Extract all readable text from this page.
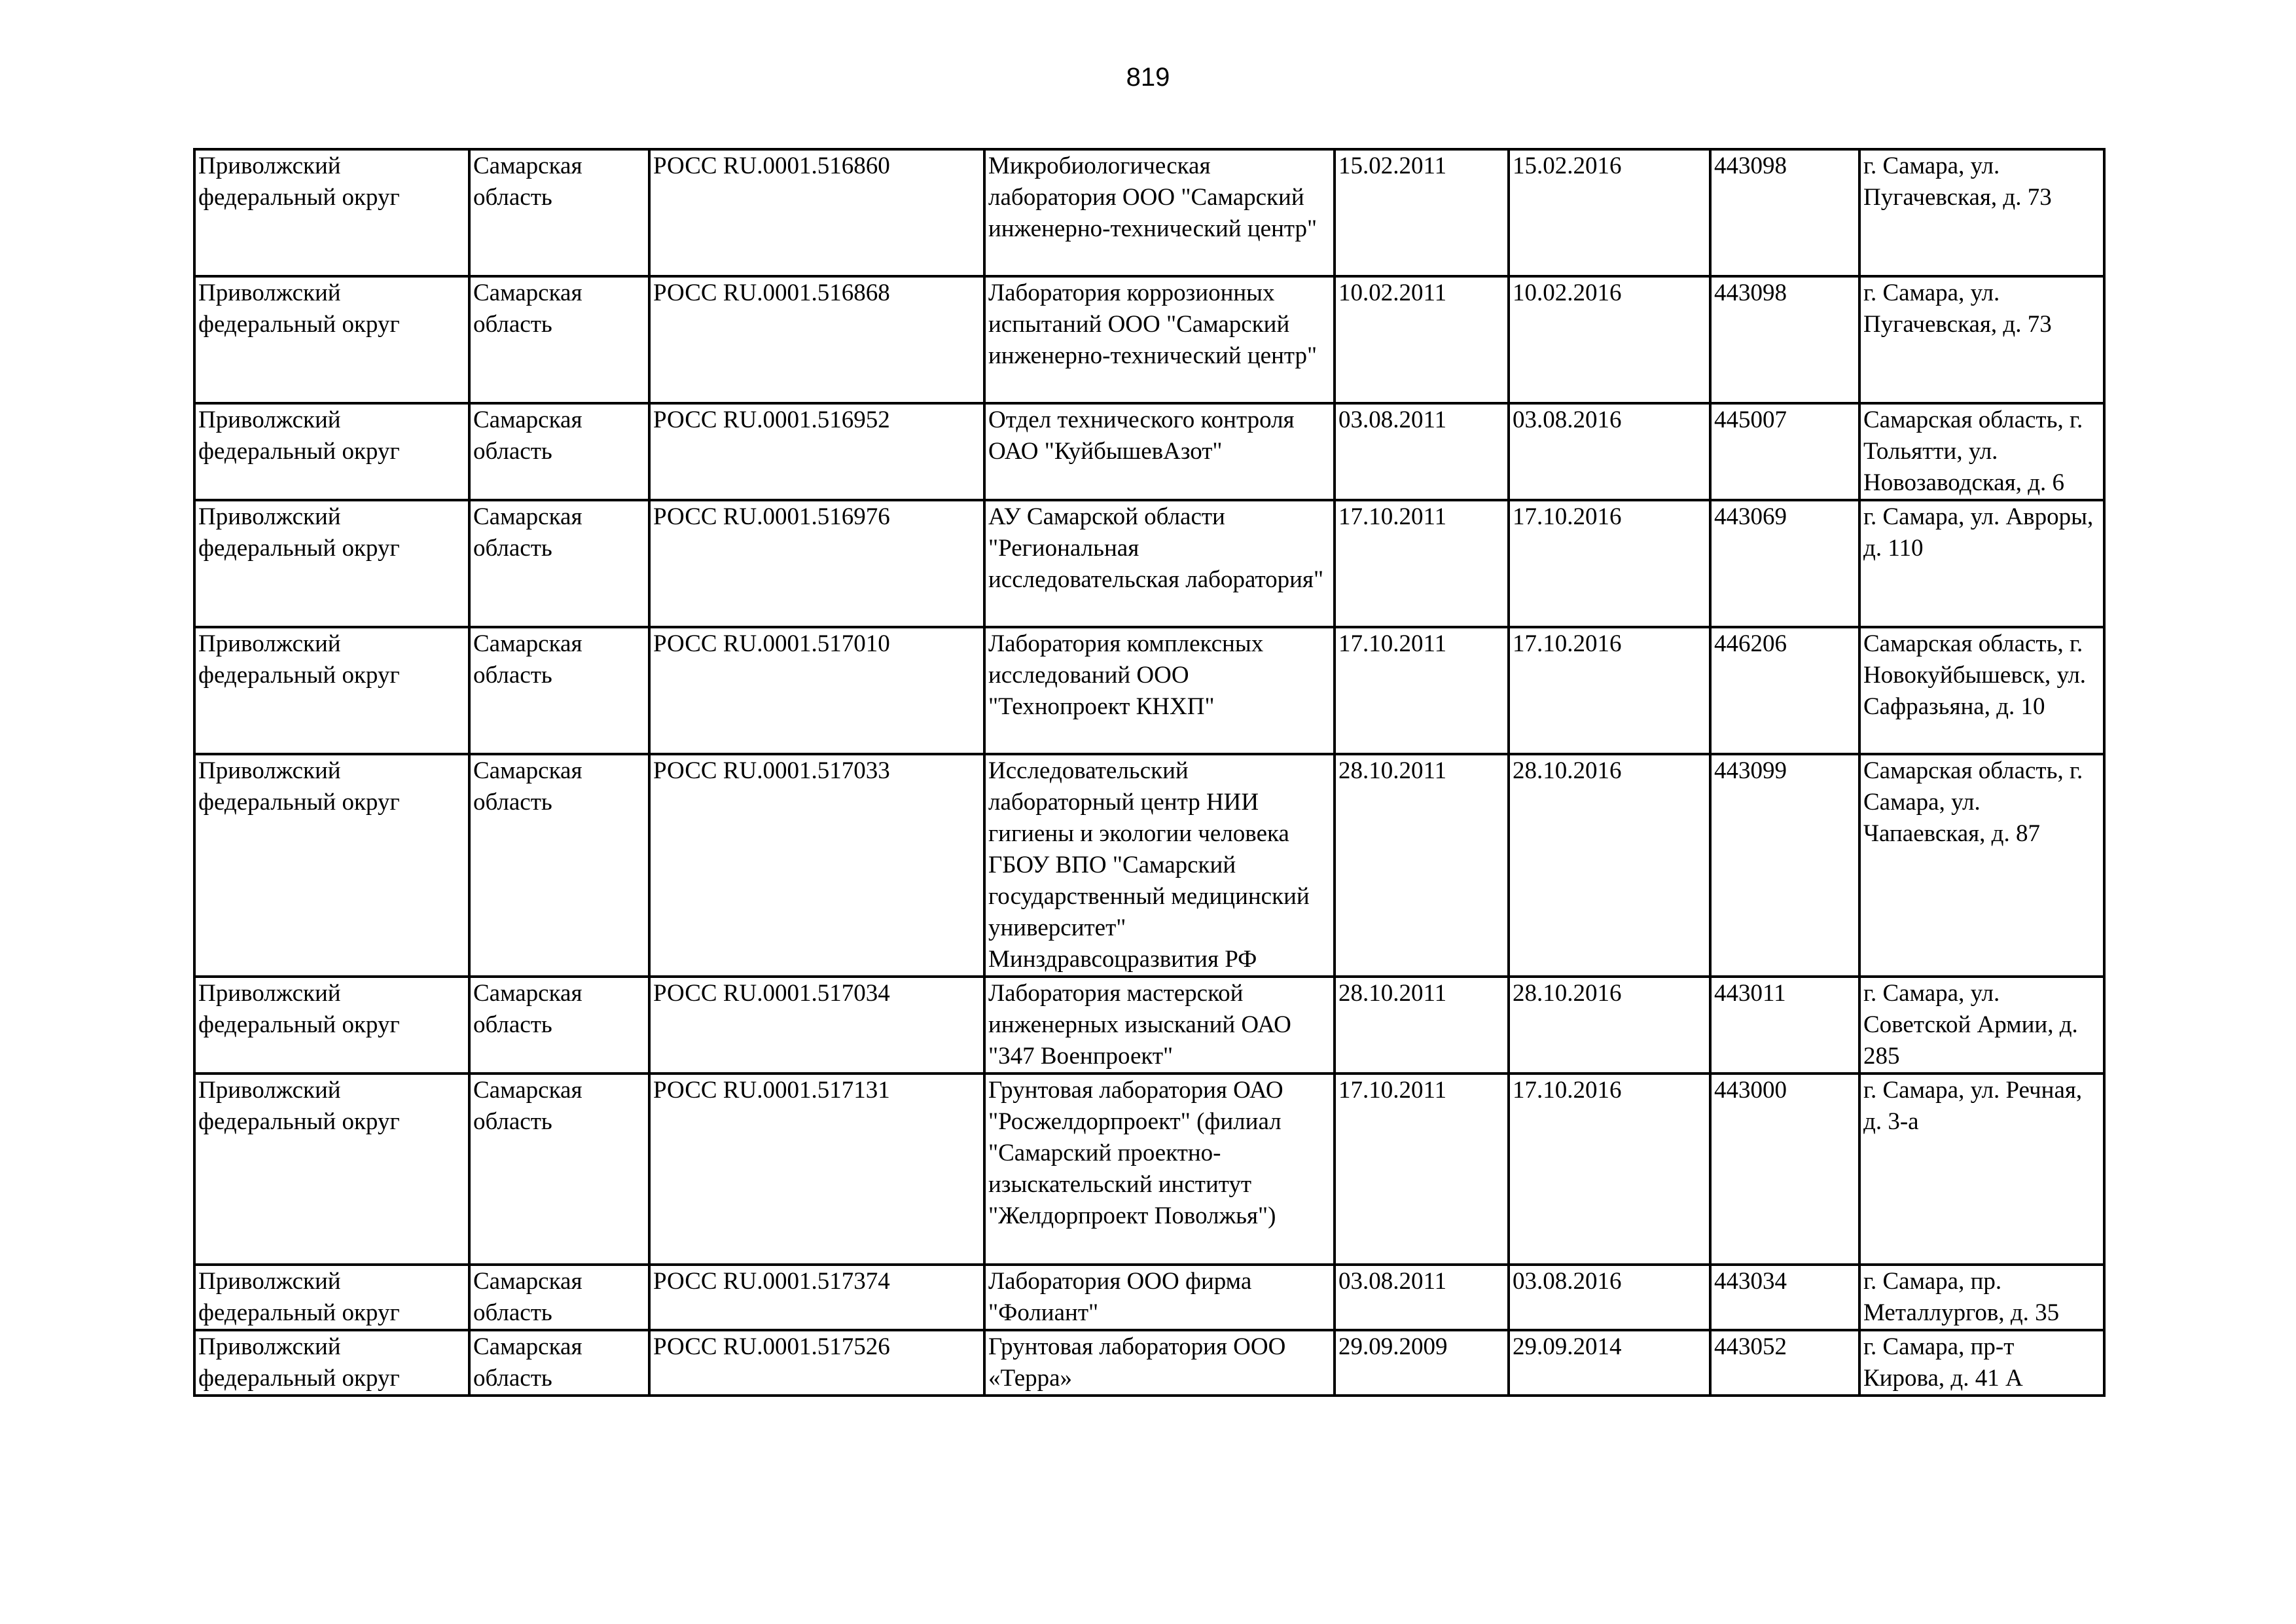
819
Приволжский федеральный округ	Самарская область	РОСС RU.0001.516860	Микробиологическая лаборатория ООО "Самарский инженерно-технический центр"	15.02.2011	15.02.2016	443098	г. Самара, ул. Пугачевская, д. 73
Приволжский федеральный округ	Самарская область	РОСС RU.0001.516868	Лаборатория коррозионных испытаний ООО "Самарский инженерно-технический центр"	10.02.2011	10.02.2016	443098	г. Самара, ул. Пугачевская, д. 73
Приволжский федеральный округ	Самарская область	РОСС RU.0001.516952	Отдел технического контроля ОАО "КуйбышевАзот"	03.08.2011	03.08.2016	445007	Самарская область, г. Тольятти, ул. Новозаводская, д. 6
Приволжский федеральный округ	Самарская область	РОСС RU.0001.516976	АУ Самарской области "Региональная исследовательская лаборатория"	17.10.2011	17.10.2016	443069	г. Самара, ул. Авроры, д. 110
Приволжский федеральный округ	Самарская область	РОСС RU.0001.517010	Лаборатория комплексных исследований ООО "Технопроект КНХП"	17.10.2011	17.10.2016	446206	Самарская область, г. Новокуйбышевск, ул. Сафразьяна, д. 10
Приволжский федеральный округ	Самарская область	РОСС RU.0001.517033	Исследовательский лабораторный центр НИИ гигиены и экологии человека ГБОУ ВПО "Самарский государственный медицинский университет" Минздравсоцразвития РФ	28.10.2011	28.10.2016	443099	Самарская область, г. Самара, ул. Чапаевская, д. 87
Приволжский федеральный округ	Самарская область	РОСС RU.0001.517034	Лаборатория мастерской инженерных изысканий ОАО "347 Военпроект"	28.10.2011	28.10.2016	443011	г. Самара, ул. Советской Армии, д. 285
Приволжский федеральный округ	Самарская область	РОСС RU.0001.517131	Грунтовая лаборатория ОАО "Росжелдорпроект" (филиал "Самарский проектно-изыскательский институт "Желдорпроект Поволжья")	17.10.2011	17.10.2016	443000	г. Самара, ул. Речная, д. 3-а
Приволжский федеральный округ	Самарская область	РОСС RU.0001.517374	Лаборатория ООО фирма "Фолиант"	03.08.2011	03.08.2016	443034	г. Самара, пр. Металлургов, д. 35
Приволжский федеральный округ	Самарская область	РОСС RU.0001.517526	Грунтовая лаборатория ООО «Терра»	29.09.2009	29.09.2014	443052	г. Самара, пр-т Кирова, д. 41 А
